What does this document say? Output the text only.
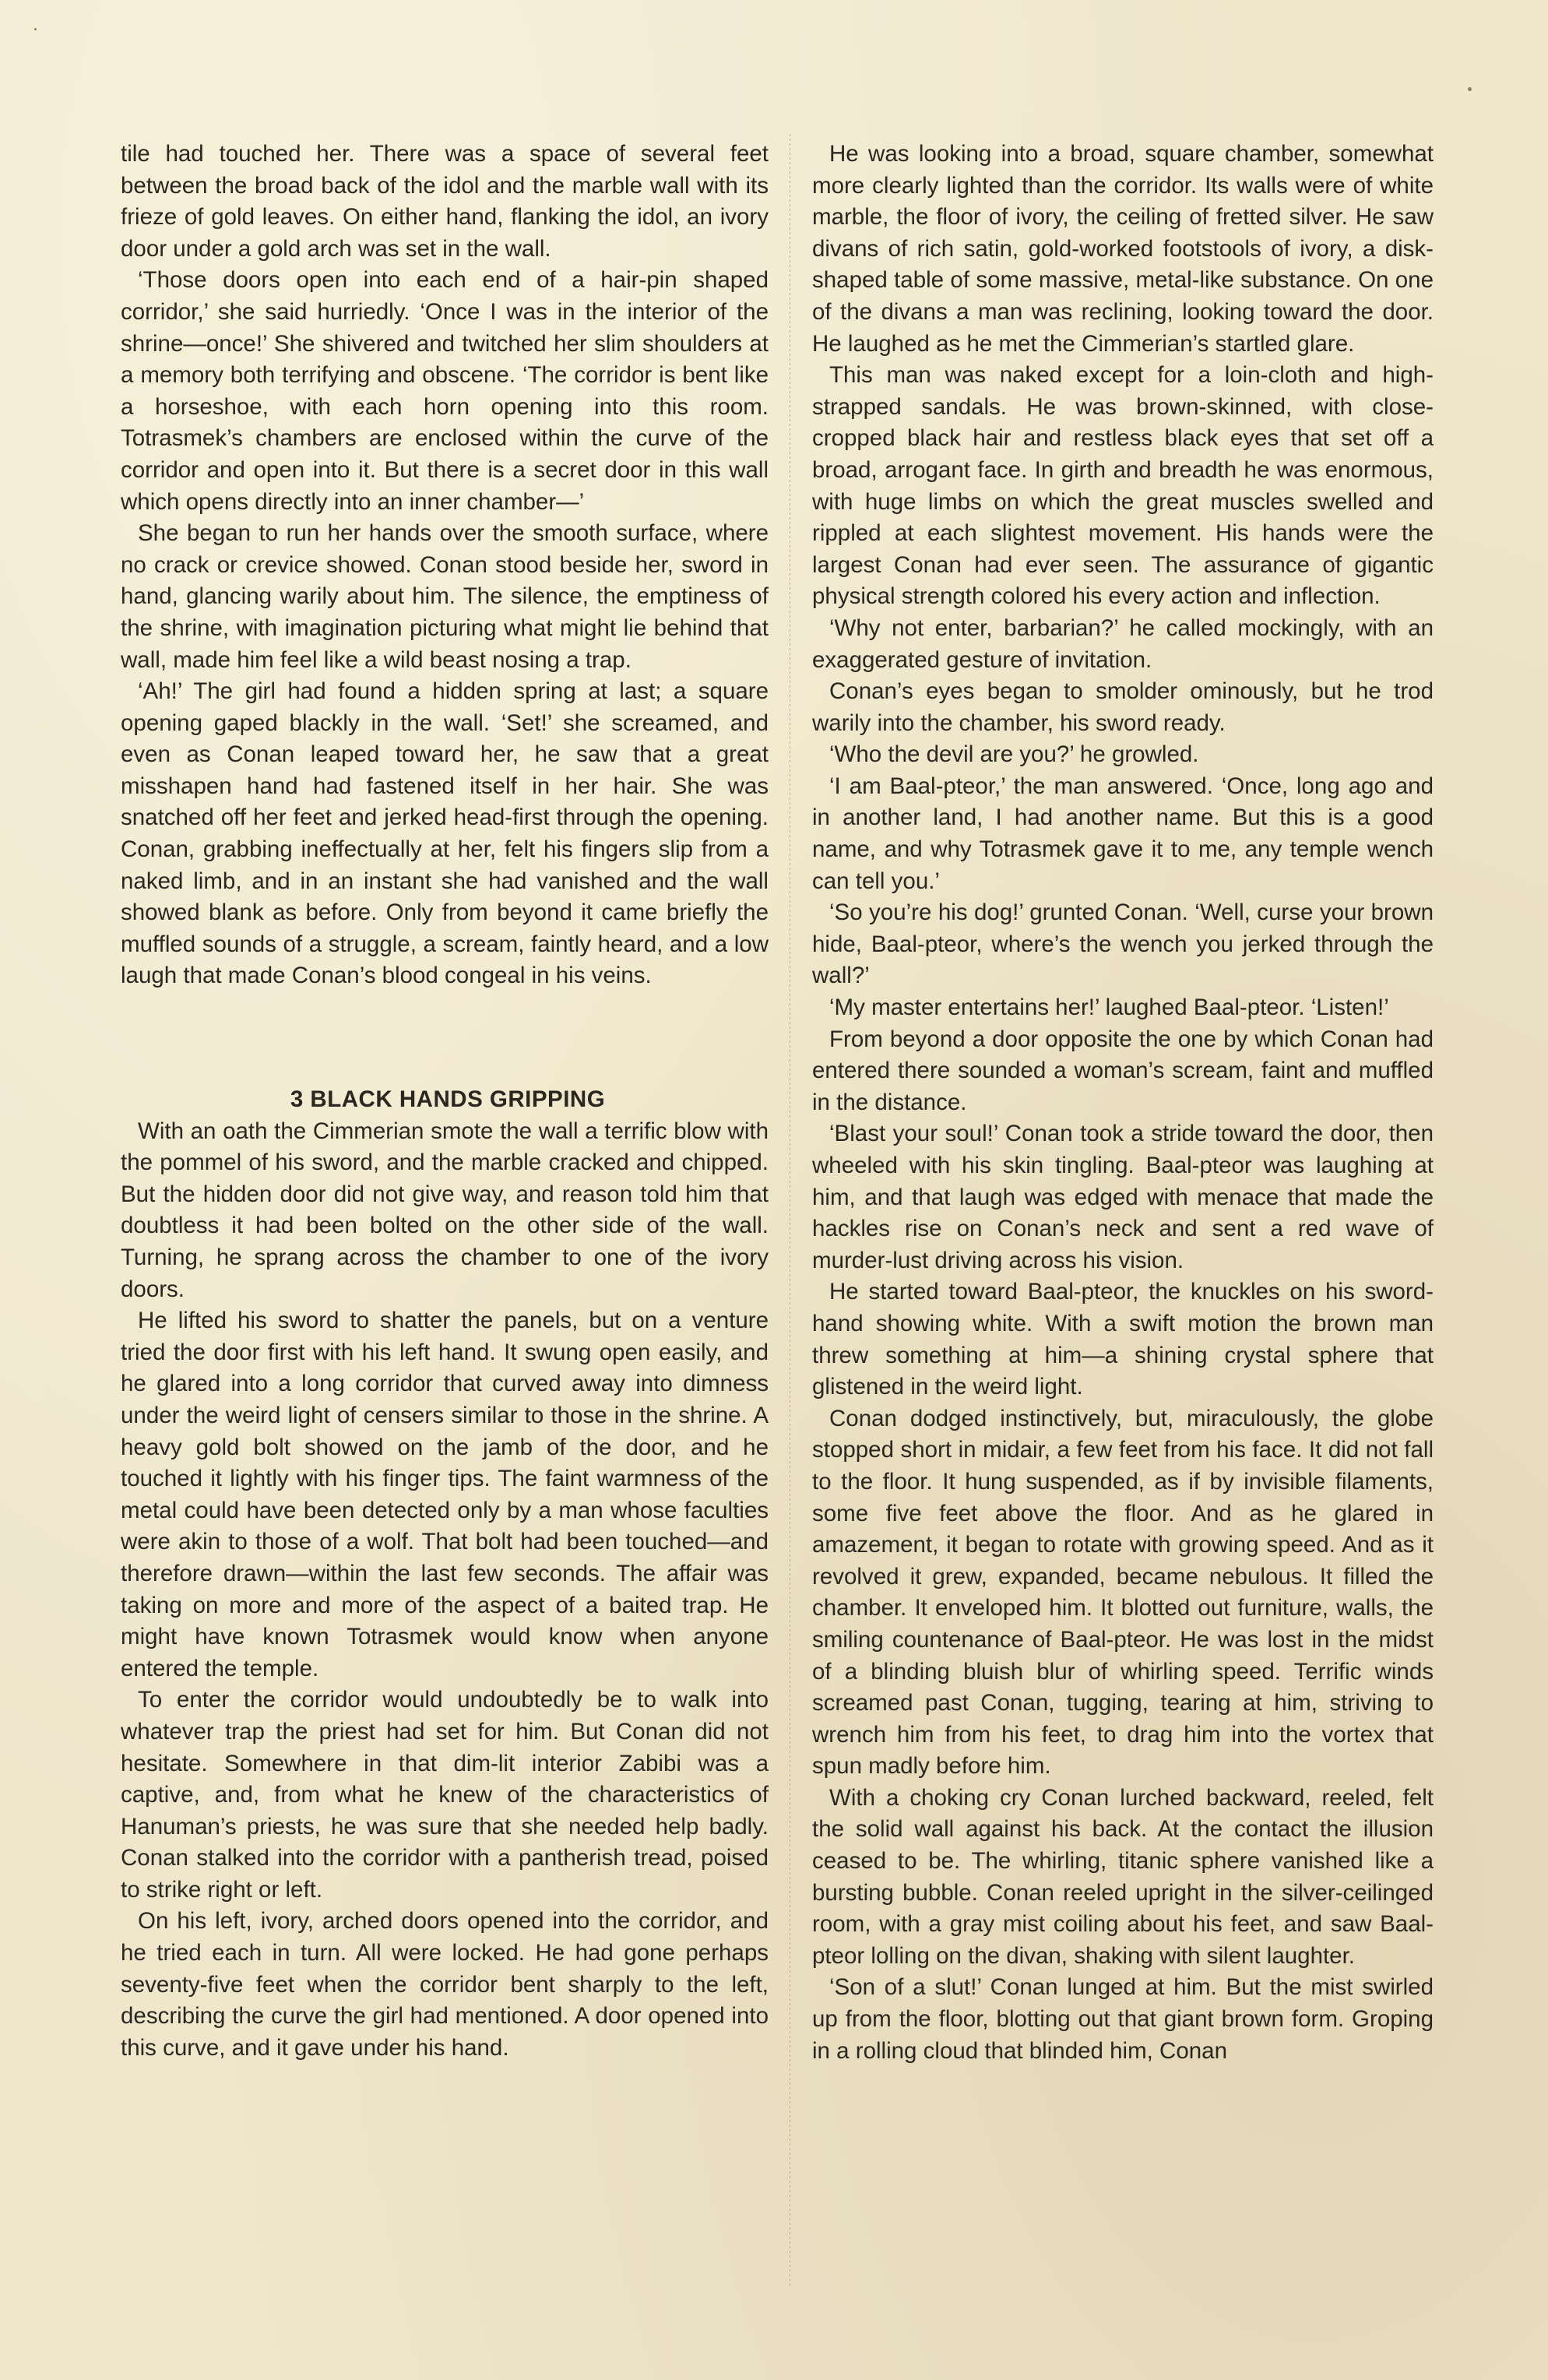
tile had touched her. There was a space of several feet between the broad back of the idol and the marble wall with its frieze of gold leaves. On either hand, flanking the idol, an ivory door under a gold arch was set in the wall.

‘Those doors open into each end of a hair-pin shaped corridor,’ she said hurriedly. ‘Once I was in the interior of the shrine—once!’ She shivered and twitched her slim shoulders at a memory both terrifying and obscene. ‘The corridor is bent like a horseshoe, with each horn opening into this room. Totrasmek’s chambers are enclosed within the curve of the corridor and open into it. But there is a secret door in this wall which opens directly into an inner chamber—’

She began to run her hands over the smooth surface, where no crack or crevice showed. Conan stood beside her, sword in hand, glancing warily about him. The silence, the emptiness of the shrine, with imagination picturing what might lie behind that wall, made him feel like a wild beast nosing a trap.

‘Ah!’ The girl had found a hidden spring at last; a square opening gaped blackly in the wall. ‘Set!’ she screamed, and even as Conan leaped toward her, he saw that a great misshapen hand had fastened itself in her hair. She was snatched off her feet and jerked head-first through the opening. Conan, grabbing ineffectually at her, felt his fingers slip from a naked limb, and in an instant she had vanished and the wall showed blank as before. Only from beyond it came briefly the muffled sounds of a struggle, a scream, faintly heard, and a low laugh that made Conan’s blood congeal in his veins.

3 BLACK HANDS GRIPPING

With an oath the Cimmerian smote the wall a terrific blow with the pommel of his sword, and the marble cracked and chipped. But the hidden door did not give way, and reason told him that doubtless it had been bolted on the other side of the wall. Turning, he sprang across the chamber to one of the ivory doors.

He lifted his sword to shatter the panels, but on a venture tried the door first with his left hand. It swung open easily, and he glared into a long corridor that curved away into dimness under the weird light of censers similar to those in the shrine. A heavy gold bolt showed on the jamb of the door, and he touched it lightly with his finger tips. The faint warmness of the metal could have been detected only by a man whose faculties were akin to those of a wolf. That bolt had been touched—and therefore drawn—within the last few seconds. The affair was taking on more and more of the aspect of a baited trap. He might have known Totrasmek would know when anyone entered the temple.

To enter the corridor would undoubtedly be to walk into whatever trap the priest had set for him. But Conan did not hesitate. Somewhere in that dim-lit interior Zabibi was a captive, and, from what he knew of the characteristics of Hanuman’s priests, he was sure that she needed help badly. Conan stalked into the corridor with a pantherish tread, poised to strike right or left.

On his left, ivory, arched doors opened into the corridor, and he tried each in turn. All were locked. He had gone perhaps seventy-five feet when the corridor bent sharply to the left, describing the curve the girl had mentioned. A door opened into this curve, and it gave under his hand.

He was looking into a broad, square chamber, somewhat more clearly lighted than the corridor. Its walls were of white marble, the floor of ivory, the ceiling of fretted silver. He saw divans of rich satin, gold-worked footstools of ivory, a disk-shaped table of some massive, metal-like substance. On one of the divans a man was reclining, looking toward the door. He laughed as he met the Cimmerian’s startled glare.

This man was naked except for a loin-cloth and high-strapped sandals. He was brown-skinned, with close-cropped black hair and restless black eyes that set off a broad, arrogant face. In girth and breadth he was enormous, with huge limbs on which the great muscles swelled and rippled at each slightest movement. His hands were the largest Conan had ever seen. The assurance of gigantic physical strength colored his every action and inflection.

‘Why not enter, barbarian?’ he called mockingly, with an exaggerated gesture of invitation.

Conan’s eyes began to smolder ominously, but he trod warily into the chamber, his sword ready.

‘Who the devil are you?’ he growled.

‘I am Baal-pteor,’ the man answered. ‘Once, long ago and in another land, I had another name. But this is a good name, and why Totrasmek gave it to me, any temple wench can tell you.’

‘So you’re his dog!’ grunted Conan. ‘Well, curse your brown hide, Baal-pteor, where’s the wench you jerked through the wall?’

‘My master entertains her!’ laughed Baal-pteor. ‘Listen!’

From beyond a door opposite the one by which Conan had entered there sounded a woman’s scream, faint and muffled in the distance.

‘Blast your soul!’ Conan took a stride toward the door, then wheeled with his skin tingling. Baal-pteor was laughing at him, and that laugh was edged with menace that made the hackles rise on Conan’s neck and sent a red wave of murder-lust driving across his vision.

He started toward Baal-pteor, the knuckles on his sword-hand showing white. With a swift motion the brown man threw something at him—a shining crystal sphere that glistened in the weird light.

Conan dodged instinctively, but, miraculously, the globe stopped short in midair, a few feet from his face. It did not fall to the floor. It hung suspended, as if by invisible filaments, some five feet above the floor. And as he glared in amazement, it began to rotate with growing speed. And as it revolved it grew, expanded, became nebulous. It filled the chamber. It enveloped him. It blotted out furniture, walls, the smiling countenance of Baal-pteor. He was lost in the midst of a blinding bluish blur of whirling speed. Terrific winds screamed past Conan, tugging, tearing at him, striving to wrench him from his feet, to drag him into the vortex that spun madly before him.

With a choking cry Conan lurched backward, reeled, felt the solid wall against his back. At the contact the illusion ceased to be. The whirling, titanic sphere vanished like a bursting bubble. Conan reeled upright in the silver-ceilinged room, with a gray mist coiling about his feet, and saw Baal-pteor lolling on the divan, shaking with silent laughter.

‘Son of a slut!’ Conan lunged at him. But the mist swirled up from the floor, blotting out that giant brown form. Groping in a rolling cloud that blinded him, Conan
